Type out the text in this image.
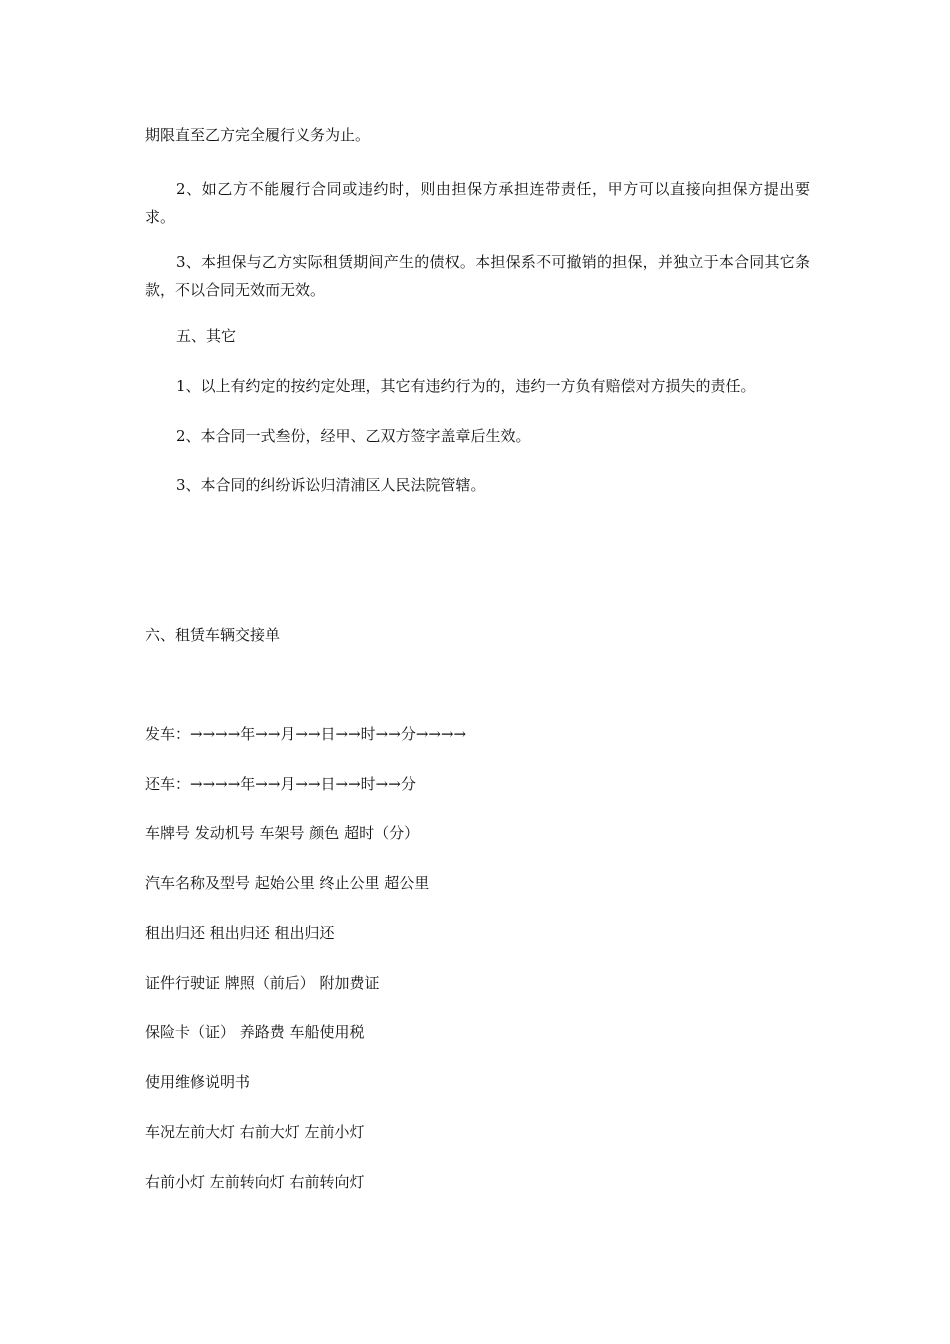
期限直至乙方完全履行义务为止。
2、如乙方不能履行合同或违约时，则由担保方承担连带责任，甲方可以直接向担保方提出要求。
3、本担保与乙方实际租赁期间产生的债权。本担保系不可撤销的担保，并独立于本合同其它条款，不以合同无效而无效。
五、其它
1、以上有约定的按约定处理，其它有违约行为的，违约一方负有赔偿对方损失的责任。
2、本合同一式叁份，经甲、乙双方签字盖章后生效。
3、本合同的纠纷诉讼归清浦区人民法院管辖。
六、租赁车辆交接单
发车：→→→→年→→月→→日→→时→→分→→→→
还车：→→→→年→→月→→日→→时→→分
车牌号 发动机号 车架号 颜色 超时（分）
汽车名称及型号 起始公里 终止公里 超公里
租出归还 租出归还 租出归还
证件行驶证 牌照（前后） 附加费证
保险卡（证） 养路费 车船使用税
使用维修说明书
车况左前大灯 右前大灯 左前小灯
右前小灯 左前转向灯 右前转向灯
